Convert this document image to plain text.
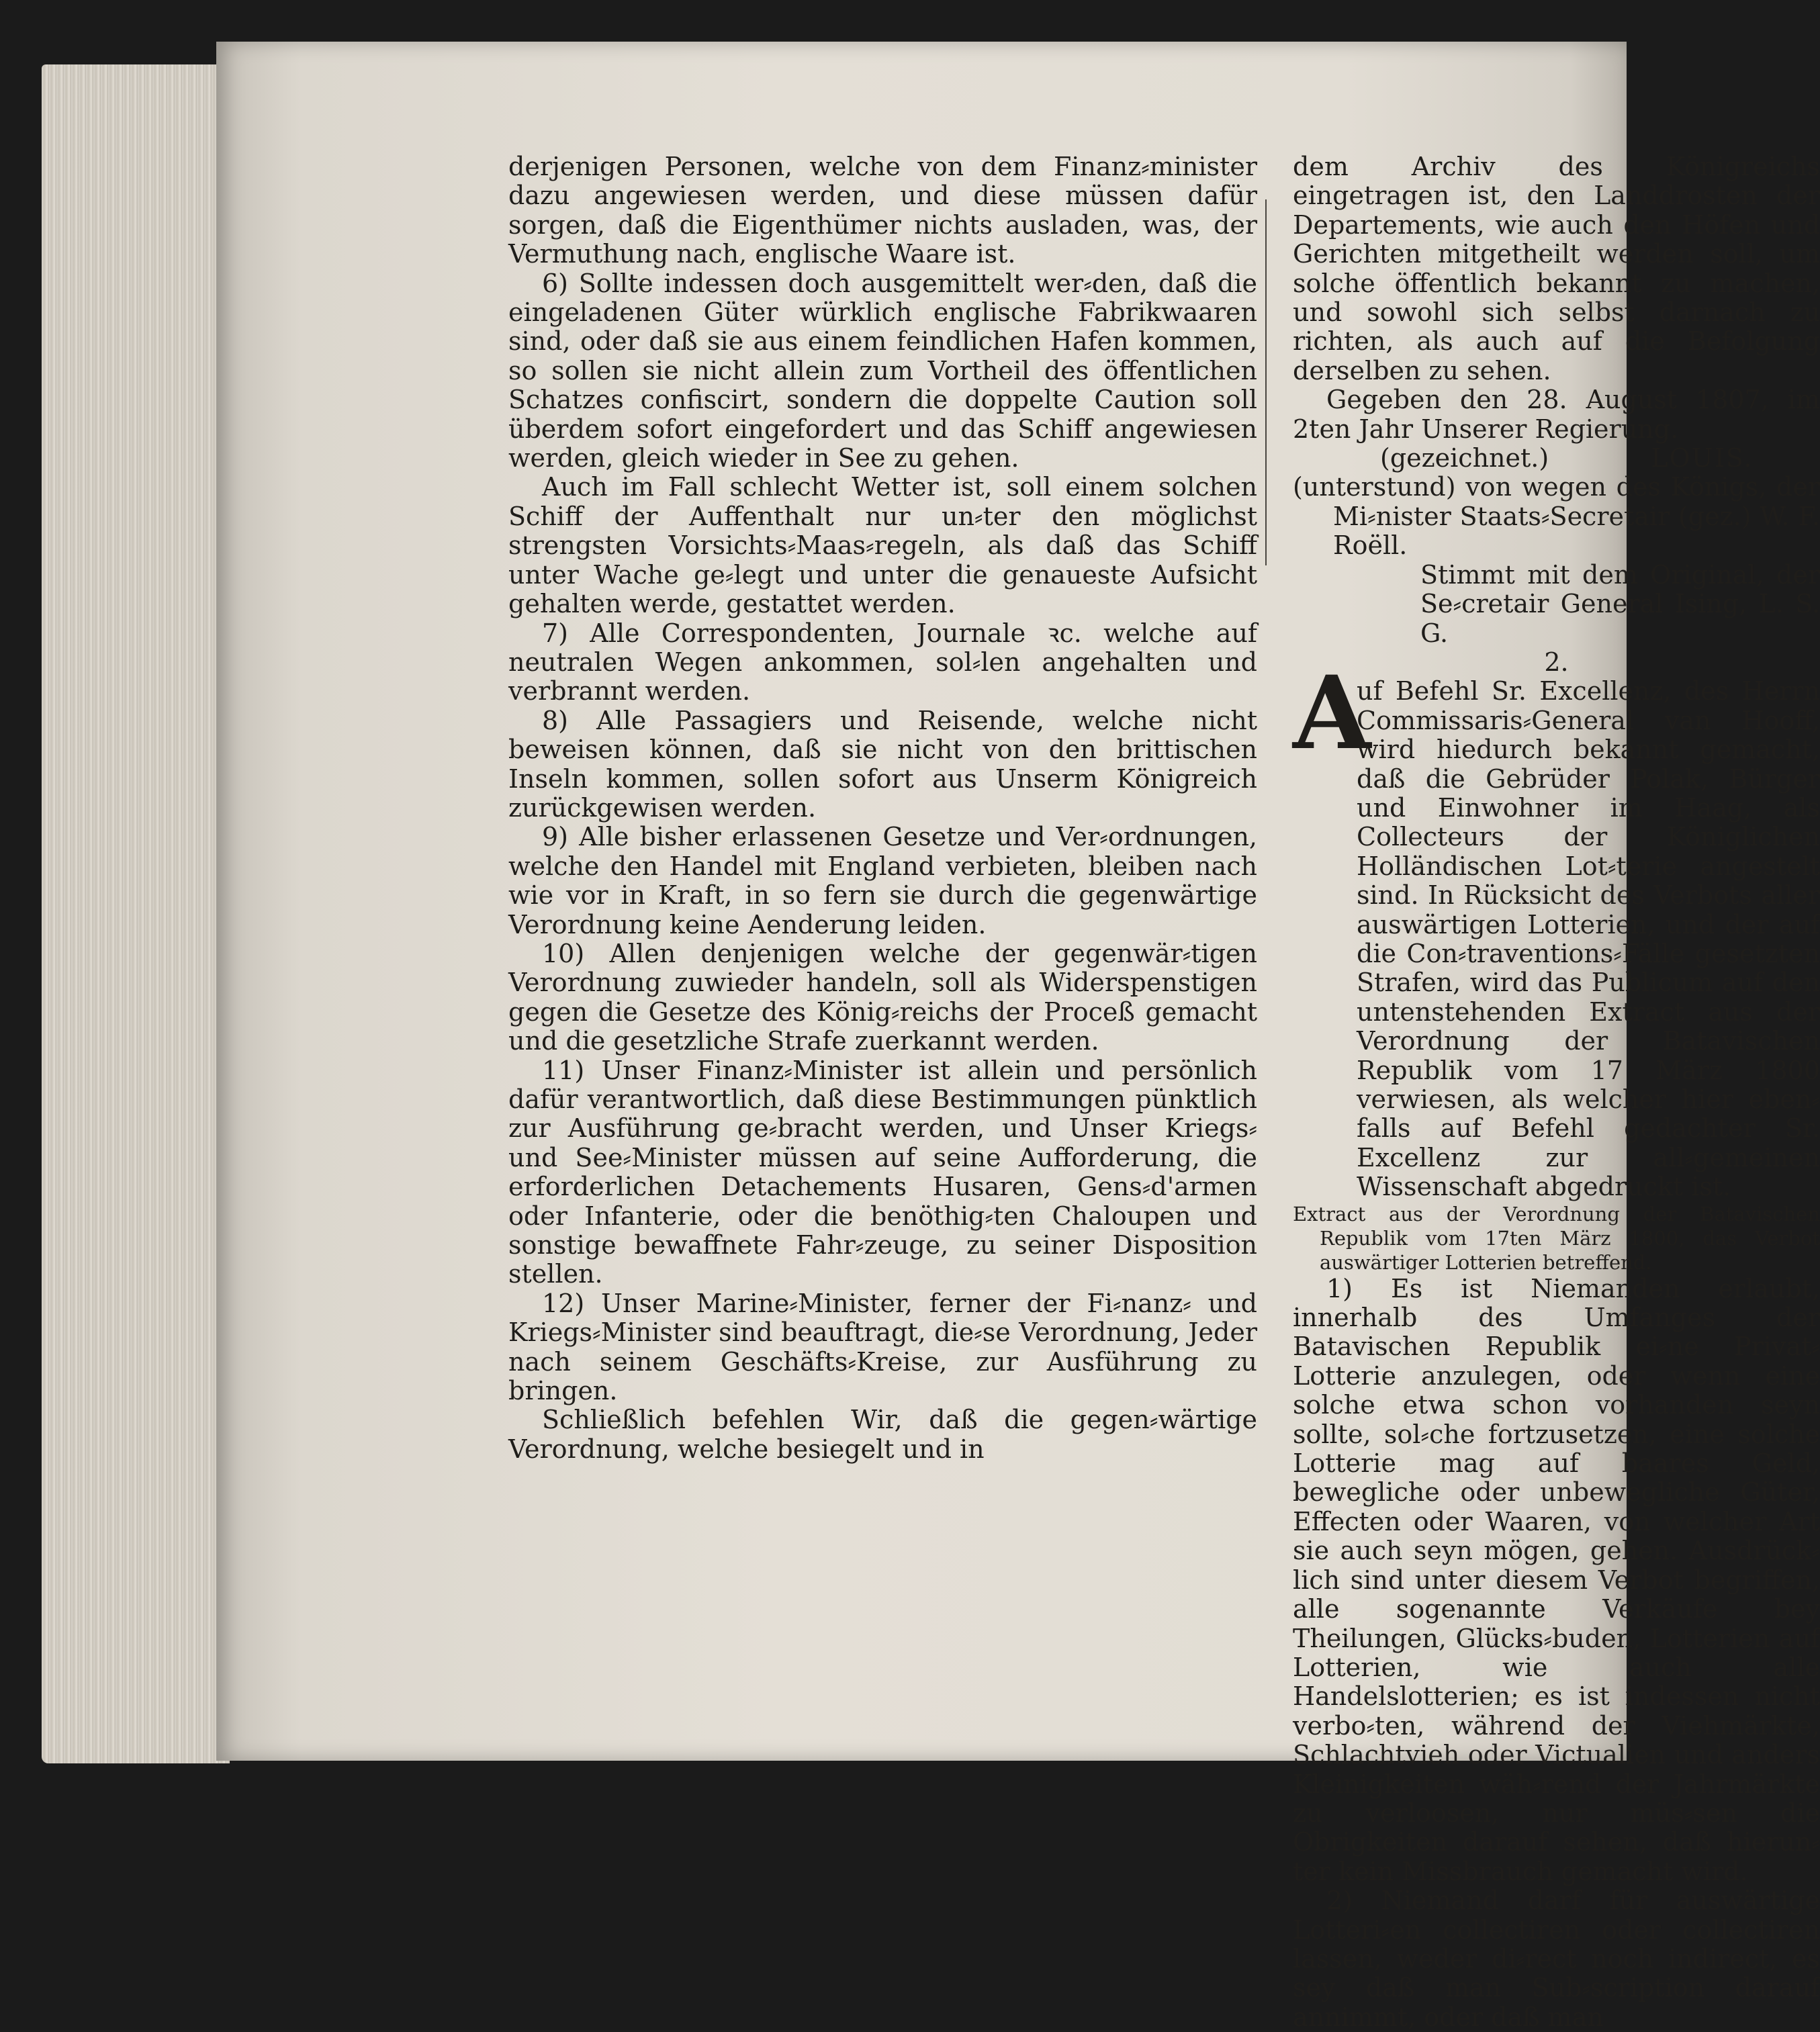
derjenigen Personen, welche von dem Finanz⸗minister dazu angewiesen werden, und diese müssen dafür sorgen, daß die Eigenthümer nichts ausladen, was, der Vermuthung nach, englische Waare ist.

6) Sollte indessen doch ausgemittelt wer⸗den, daß die eingeladenen Güter würklich englische Fabrikwaaren sind, oder daß sie aus einem feindlichen Hafen kommen, so sollen sie nicht allein zum Vortheil des öffentlichen Schatzes confiscirt, sondern die doppelte Caution soll überdem sofort eingefordert und das Schiff angewiesen werden, gleich wieder in See zu gehen.

Auch im Fall schlecht Wetter ist, soll einem solchen Schiff der Auffenthalt nur un⸗ter den möglichst strengsten Vorsichts⸗Maas⸗regeln, als daß das Schiff unter Wache ge⸗legt und unter die genaueste Aufsicht gehalten werde, gestattet werden.

7) Alle Correspondenten, Journale ꝛc. welche auf neutralen Wegen ankommen, sol⸗len angehalten und verbrannt werden.

8) Alle Passagiers und Reisende, welche nicht beweisen können, daß sie nicht von den brittischen Inseln kommen, sollen sofort aus Unserm Königreich zurückgewisen werden.

9) Alle bisher erlassenen Gesetze und Ver⸗ordnungen, welche den Handel mit England verbieten, bleiben nach wie vor in Kraft, in so fern sie durch die gegenwärtige Verordnung keine Aenderung leiden.

10) Allen denjenigen welche der gegenwär⸗tigen Verordnung zuwieder handeln, soll als Widerspenstigen gegen die Gesetze des König⸗reichs der Proceß gemacht und die gesetzliche Strafe zuerkannt werden.

11) Unser Finanz⸗Minister ist allein und persönlich dafür verantwortlich, daß diese Bestimmungen pünktlich zur Ausführung ge⸗bracht werden, und Unser Kriegs⸗ und See⸗Minister müssen auf seine Aufforderung, die erforderlichen Detachements Husaren, Gens⸗d'armen oder Infanterie, oder die benöthig⸗ten Chaloupen und sonstige bewaffnete Fahr⸗zeuge, zu seiner Disposition stellen.

12) Unser Marine⸗Minister, ferner der Fi⸗nanz⸗ und Kriegs⸗Minister sind beauftragt, die⸗se Verordnung, Jeder nach seinem Geschäfts⸗Kreise, zur Ausführung zu bringen.

Schließlich befehlen Wir, daß die gegen⸗wärtige Verordnung, welche besiegelt und in

dem Archiv des Königreichs eingetragen ist, den Landdrosten der Departements, wie auch den Höfen und Gerichten mitgetheilt werden soll, um solche öffentlich bekannt zu machen, und sowohl sich selbst darnach zu richten, als auch auf die Befolgung derselben zu sehen.

Gegeben den 28. August 1807, im 2ten Jahr Unserer Regierung.

(gezeichnet.)	LOUIS.

(unterstund) von wegen des Königs, der Mi⸗nister Staats⸗Secretair (gez.) W. F. Roëll.

Stimmt mit dem Original, der Se⸗cretair General Ising, L. S. G.

2.

A

uf Befehl Sr. Excellenz, des Herrn Commissaris⸗General van Hooff, wird hiedurch bekannt gemacht, daß die Gebrüder Polak, Bürger und Einwohner im Haag, als Collecteurs der Königlichen Holländischen Lot⸗terie angestelt sind. In Rücksicht des Verbots aller auswärtigen Lotterien, und der auf die Con⸗traventions⸗Fälle gesetzten Strafen, wird das Publicum auf den untenstehenden Extract aus der Verordnung der Batavischen Republik vom 17 März 1800 verwiesen, als welcher hier eben⸗falls auf Befehl gedachter Sr. Excellenz zur all⸗gemeinen Wissenschaft abgedruckt ist.

Extract aus der Verordnung der Batavischen Republik vom 17ten März 1800, das Verbot auswärtiger Lotterien betreffend.

1) Es ist Niemanden erlaubt, innerhalb des Umfanges der Batavischen Republik ei⸗ne Privat⸗Lotterie anzulegen, oder wenn eine solche etwa schon vorhanden seyn sollte, sol⸗che fortzusetzen, eine solche Lotterie mag auf baares Geld, bewegliche oder unbewegliche Güter, Effecten oder Waaren, von welcher Art sie auch seyn mögen, gehen. Ausdrück⸗lich sind unter diesem Verbot begriffen, alle sogenannte Verkäufe bey Theilungen, Glücks⸗buden, Lotterien auf Lotterien, wie auch alle Handelslotterien; es ist indessen nicht verbo⸗ten, während der Viehmärkte, Schlachtvieh oder Victualien und anders Kleinigkeiten wäh⸗rend der Jahrmärkte zu verloosen, nur müs⸗sen die Obrigkeiten darauf sehen, daß hierun⸗ter kein Missbrauch gemacht wird.

2) Niemand darf für auswärtige Lotteri⸗en collectiren oder collectiren lassen, weder di⸗rect noch indirect, es sey daß man Sub⸗scription darauf annimmt, oder daß man
